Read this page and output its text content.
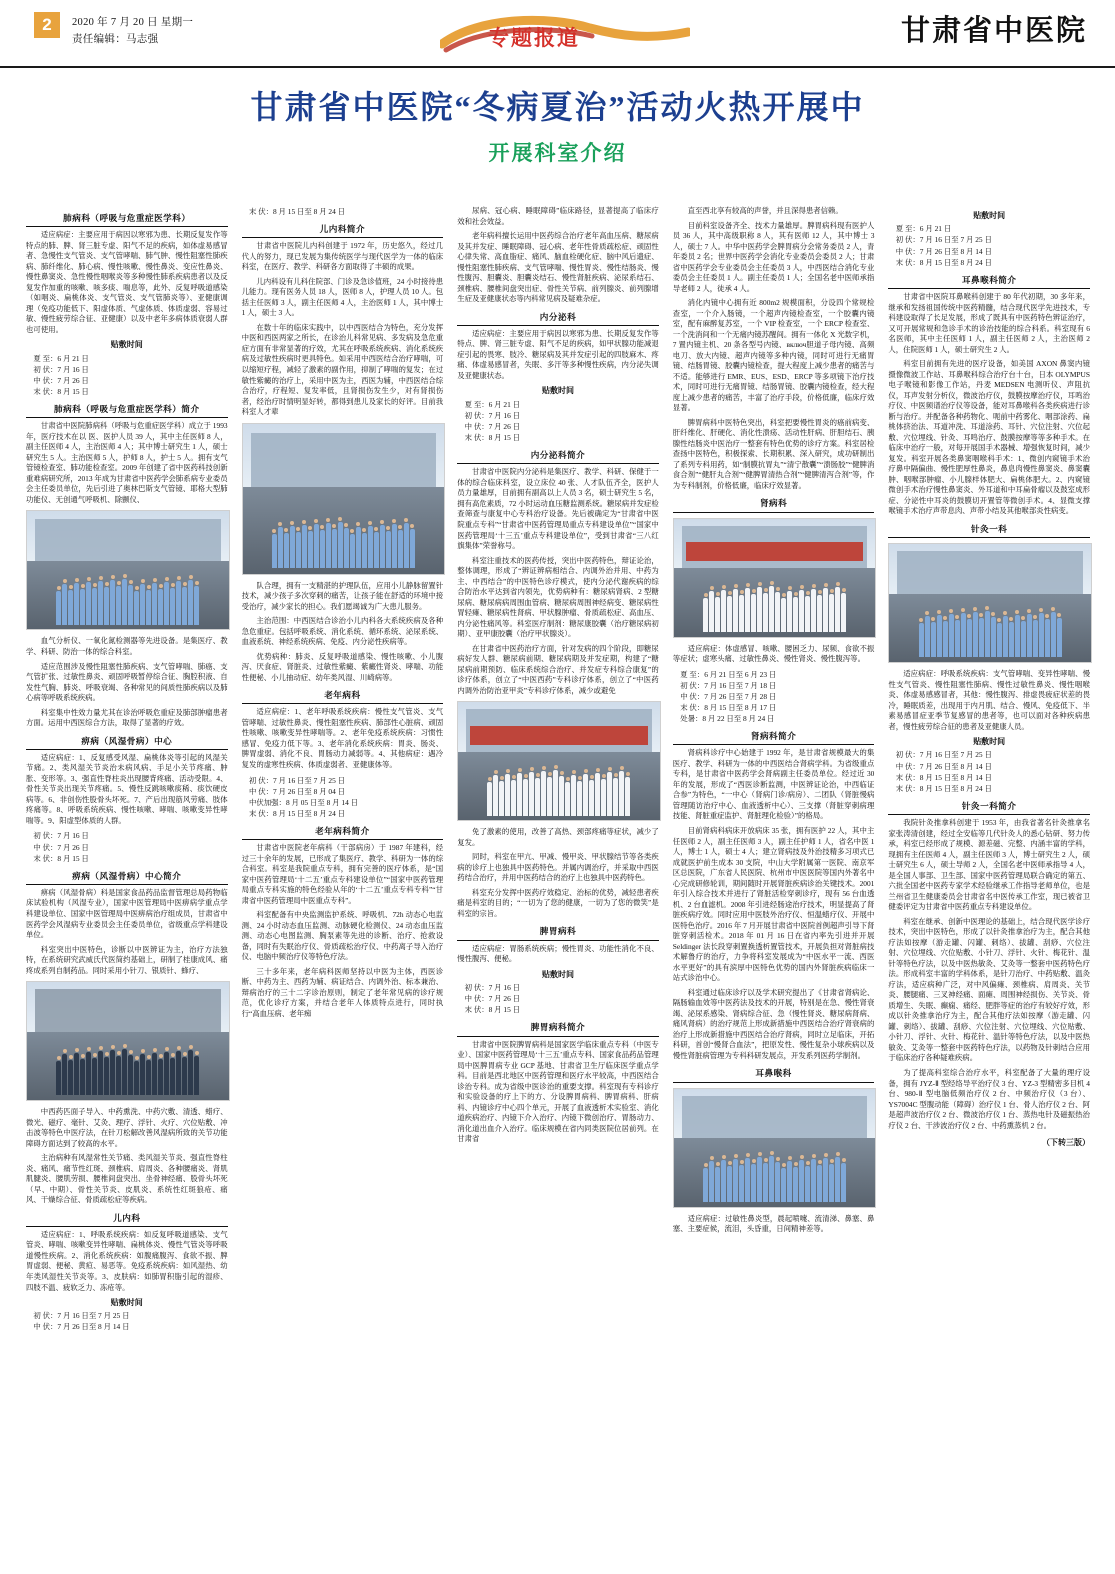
2	2020 年 7 月 20 日 星期一
责任编辑：马志强	专题报道	甘肃省中医院
甘肃省中医院“冬病夏治”活动火热开展中
开展科室介绍
肺病科（呼吸与危重症医学科）

适应病症：主要应用于病因以寒邪为患、长期反复发作等特点的肺、脾、肾三脏专虚、阳气不足的疾病，如体虚易感冒者、急慢性支气管炎、支气管哮喘、肺气肿、慢性阻塞性肺疾病、肺纤维化、肺心病、慢性咳嗽、慢性鼻炎、变应性鼻炎、慢性鼻窦炎、急性慢性咽喉炎等多种慢性肺系疾病患者以及反复发作加重的咳嗽、咳多痰、喘息等，此外、反复呼吸道感染（如咽炎、扁桃体炎、支气管炎、支气管肺炎等）、亚健康调理（免疫功能低下、阳虚体质、气虚体质、体质虚弱、容易过敏、慢性疲劳综合征、亚健康）以及中老年多病体质衰弱人群也可使用。

贴敷时间
夏 至：6 月 21 日
初 伏：7 月 16 日
中 伏：7 月 26 日
末 伏：8 月 15 日
肺病科（呼吸与危重症医学科）简介

甘肃省中医院肺病科（呼吸与危重症医学科）成立于 1993 年，医疗技术在以 医、医护人员 39 人，其中主任医师 8 人，副主任医师 4 人，主治医师 4 人；其中博士研究生 1 人，硕士研究生 5 人。主治医师 5 人，护师 8 人，护士 5 人。拥有支气管镜检查室、肺功能检查室。2009 年创建了省中医药科技创新重难病研究所，2013 年成为甘肃省中医药学会肺系病专业委员会主任委员单位，先后引进了奥林巴斯支气管镜、耶格大型肺功能仪、无创通气呼吸机、除颤仪、

血气分析仪、一氧化氮检测器等先进设备。是集医疗、教学、科研、防治一体的综合科室。

适应范围涉及慢性阻塞性肺疾病、支气管哮喘、肺癌、支气管扩张、过敏性鼻炎、顽固呼吸暂停综合征、胸腔积液、自发性气胸、肺炎、呼吸衰竭、各种常见的间质性肺疾病以及肺心病等呼吸系统疾病。

科室集中性效力量尤其在诊治呼吸危重症及肺部肿瘤患者方面。运用中西医综合方法，取得了显著的疗效。

痹病（风湿骨病）中心

适应病症：1、反复感受风湿、扁桃体炎等引起的风湿关节痛。2、类风湿关节炎治未病风病、手足小关节疼痛、肿胀、变形等。3、强直性脊柱炎出现腰背疼痛、活动受限。4、骨性关节炎出现关节疼痛。5、慢性反跳咳嗽痰稀、痰饮硬皮病等。6、非创伤性股骨头坏死。7、产后出现筋风劳痛、肢体疼痛等。8、呼吸系统疾病、慢性咳嗽、哮喘、咳嗽变异性哮喘等。9、阳虚型体质的人群。

初 伏：7 月 16 日
中 伏：7 月 26 日
末 伏：8 月 15 日
痹病（风湿骨病）中心简介

痹病（风湿骨病）科是国家食品药品监督管理总局药物临床试验机构（风湿专业），国家中医管理局中医痹病学重点学科建设单位、国家中医管理局中医痹病治疗组成员，甘肃省中医药学会风湿病专业委员会主任委员单位，省级重点学科建设单位。

科室突出中医特色，诊断以中医辨证为主，治疗方法独特，在系统研究武威氏代医简约基础上，研制了桂康成风、痛疼成系列自制药品。同时采用小针刀、银质针、蜂疗、

中西药匹面子导入、中药熏洗、中药穴敷、清透、蜡疗、微光、磁疗、毫针、艾灸、理疗、浮针、火疗、穴位贴敷、冲击波等特色中医疗法，在针刀松解改善风湿病所致的关节功能障碍方面达到了较高的水平。

主治病种有风湿常性关节痛、类风湿关节炎、强直性脊柱炎、痛风、痛节性红斑、颈椎病、肩周炎、各种腰痛炎、肾肌肌腱炎、腰肌劳损、腰椎间盘突出、坐骨神经痛、股骨头坏死（早、中期）、骨性关节炎、皮肌炎、系统性红斑狼疮、痛风、干燥综合征、骨质疏松症等疾病。

儿内科

适应病症：1、呼吸系统疾病：如反复呼吸道感染、支气管炎、哮喘、咳嗽变异性哮喘、扁桃体炎、慢性气管炎等呼吸道慢性疾病。2、消化系统疾病：如腹痛腹泻、食欲不振、脾胃虚弱、便秘、黄疸、易恶等。免疫系统疾病：如风湿热、幼年类风湿性关节炎等。3、皮肤病：如肺胃积脂引起的湿疹、四肢不温、疲软乏力、冻疮等。

贴敷时间
初 伏：7 月 16 日至 7 月 25 日
中 伏：7 月 26 日至 8 月 14 日
末 伏：8 月 15 日至 8 月 24 日
儿内科简介

甘肃省中医院儿内科创建于 1972 年，历史悠久，经过几代人的努力，现已发展为集传统医学与现代医学为一体的临床科室，在医疗、教学、科研各方面取得了丰硕的成果。

儿内科设有儿科住院部、门诊及急诊值班，24 小时接待患儿能力。现有医务人员 18 人，医师 8 人，护理人员 10 人。包括主任医师 3 人，副主任医师 4 人，主治医师 1 人，其中博士 1 人，硕士 3 人。

在数十年的临床实践中，以中西医结合为特色，充分发挥中医和西医两家之所长，在诊治儿科常见病、多发病及急危重症方面有非常显著的疗效，尤其在呼吸系统疾病、消化系统疾病及过敏性疾病时更具特色。如采用中西医结合治疗哮喘，可以缩短疗程，减轻了激素的副作用，抑制了哮喘的复发；在过敏性紫癜的治疗上，采用中医为主，西医为辅，中西医结合综合治疗，疗程短、复发率低，且肾损伤发生少，对有肾损伤者，经治疗时情明显好转，都得到患儿及家长的好评。目前我科室人才辈

队合理，拥有一支精湛的护理队伍，应用小儿静脉留置针技术，减少孩子多次穿刺的痛苦，让孩子能在舒适的环境中接受治疗，减少家长的担心。我们愿竭诚为广大患儿服务。

主治范围：中西医结合诊治小儿内科各大系统疾病及各种急危重症。包括呼吸系统、消化系统、循环系统、泌尿系统、血液系统、神经系统疾病、免疫、内分泌性疾病等。

优势病种：肺炎、反复呼吸道感染、慢性咳嗽、小儿腹泻、厌食症、肾脏炎、过敏性紫癜、紫癜性肾炎、哮喘、功能性便秘、小儿抽动症、幼年类风湿、川崎病等。

老年病科

适应病症：1、老年呼吸系统疾病：慢性支气管炎、支气管哮喘、过敏性鼻炎、慢性阻塞性疾病、肺部性心脏病、顽固性咳嗽、咳嗽变异性哮喘等。2、老年免疫系统疾病：习惯性感冒、免疫力低下等。3、老年消化系统疾病：胃炎、肠炎、脾胃虚弱、消化不良、胃肠动力减弱等。4、其他病症：遇冷复发的虚寒性疾病、体质虚弱者、亚健康体等。

初 伏：7 月 16 日至 7 月 25 日
中 伏：7 月 26 日至 8 月 04 日
中伏加强：8 月 05 日至 8 月 14 日
末 伏：8 月 15 日至 8 月 24 日
老年病科简介

甘肃省中医院老年病科（干部病房）于 1987 年建科，经过三十余年的发展，已形成了集医疗、教学、科研为一体的综合科室。科室是我院重点专科，拥有完善的医疗体系，是“国家中医药管理局‘十二五’重点专科建设单位”“国家中医药管理局重点专科实施的特色经验从年的‘十二五’重点专科专科”“甘肃省中医药管理局中医重点专科”。

科室配备有中央监测监护系统、呼吸机、72h 动态心电监测、24 小时动态血压监测、动脉硬化检测仪、24 动态血压监测、动态心电图监测、胸泵素等先进的诊断、治疗、抢救设备，同时有失眠治疗仪、骨质疏松治疗仪、中药离子导入治疗仪、电脑中频治疗仪等特色疗法。

三十多年来，老年病科医师坚持以中医为主体，西医诊断、中药为主、西药为辅、病证结合、内调外治、标本兼治、辩病治疗的三十二字诊治原则，制定了老年常见病的诊疗规范，优化诊疗方案，并结合老年人体质特点进行，同时执行“高血压病、老年痴

尿病、冠心病、睡眠障碍”临床路径，显著提高了临床疗效和社会效益。

老年病科擅长运用中医药综合治疗老年高血压病、糖尿病及其并发症、睡眠障碍、冠心病、老年性骨质疏松症、顽固性心律失常、高血脂症、痛风、脑血栓硬化症、脑中风后遗症、慢性阻塞性肺疾病、支气管哮喘、慢性胃炎、慢性结肠炎、慢性腹泻、胆囊炎、胆囊炎结石、慢性肾脏疾病、泌尿系结石、颈椎病、腰椎间盘突出症、骨性关节病、前列腺炎、前列腺增生症及亚健康状态等内科常见病及疑难杂症。

内分泌科

适应病症：主要应用于病因以寒邪为患、长期反复发作等特点、脾、肾三脏专虚、阳气不足的疾病，如甲状腺功能减退症引起的畏寒、肢冷、糖尿病及其并发症引起的四肢麻木、疼痛、体虚易感冒者，失眠、多汗等多种慢性疾病，内分泌失调及亚健康状态。

贴敷时间
夏 至：6 月 21 日
初 伏：7 月 16 日
中 伏：7 月 26 日
末 伏：8 月 15 日
内分泌科简介

甘肃省中医院内分泌科是集医疗、教学、科研、保健于一体的综合临床科室，设立床位 40 张、人才队伍齐全，医护人员力量雄厚，目前拥有副高以上人员 3 名，硕士研究生 5 名，拥有高危素质，72 小时运动血压糖监测系统。糖尿病并发症检查筛查与康复中心专科治疗设备。先后被确定为“甘肃省中医院重点专科”“甘肃省中医药管理局重点专科建设单位”“国家中医药管理局‘十三五’重点专科建设单位”，受到甘肃省“三八红旗集体”荣誉称号。

科室注重技术的医药传授，突出中医药特色，辩证论治，整体调理，形成了“辨证辨病相结合、内调外治并用、中药为主、中西结合”的中医特色诊疗模式，使内分泌代谢疾病的综合防治水平达到省内领先，优势病种有：糖尿病肾病、2 型糖尿病、糖尿病病周围血管病、糖尿病周围神经病变、糖尿病性胃轻瘫、糖尿病性肾病、甲状腺肿瘤、骨质疏松症、高血压、内分泌性痛风等。科室医疗制剂：糖尿康胶囊（治疗糖尿病初期）、亚甲康胶囊（治疗甲状腺炎）。

在甘肃省中医药治疗方面，针对发病的四个阶段，即糖尿病好发人群、糖尿病前期、糖尿病期及并发症期，构建了“糖尿病前期预防、临床系统综合治疗、并发症专科综合康复”的诊疗体系，创立了“中医西药”专科诊疗体系，创立了“中医药内调外治防治亚甲炎”专科诊疗体系，减少或避免

免了激素的使用，改善了高热、颈部疼痛等症状，减少了复发。

同时，科室在甲亢、甲减、慢甲炎、甲状腺结节等各类疾病的诊疗上也独具中医药特色。并属内调治疗，并采取中西医药结合治疗，并用中医药结合的治疗上也独具中医药特色。

科室充分发挥中医药疗效稳定、治标的优势，减轻患者疾痛是科室的目的；“一切为了您的健康，一切为了您的微笑”是科室的宗旨。

脾胃病科

适应病症：胃肠系统疾病；慢性胃炎、功能性消化不良、慢性腹泻、便秘。

贴敷时间
初 伏：7 月 16 日
中 伏：7 月 26 日
末 伏：8 月 15 日
脾胃病科简介

甘肃省中医院脾胃病科是国家医学临床重点专科（中医专业）、国家中医药管理局‘十三五’重点专科、国家食品药品管理局中医脾胃病专业 GCP 基地、甘肃省卫生厅临床医学重点学科。目前是西北地区中医药管理和医疗水平较高，中西医结合诊治专科。成为省级中医诊治的重要支撑。科室现有专科诊疗和实验设备的疗上下的方、分设脾胃病科、脾胃病科、肝病科、内镜诊疗中心四个单元，开展了血液透析术实验室、消化道疾病治疗、内镜下介入治疗、内镜下微创治疗、胃肠动力、消化道出血介入治疗。临床规模在省内同类医院位居前列。在甘肃省

直至西北享有较高的声誉，并且深得患者信赖。

目前科室设备齐全、技术力量雄厚。脾胃病科现有医护人员 36 人，其中高级职称 8 人，其有医师 12 人，其中博士 3 人，硕士 7 人。中华中医药学会脾胃病分会常务委员 2 人，青年委员 2 名；世界中医药学会消化专业委员会委员 2 人；甘肃省中医药学会专业委员会主任委员 3 人，中西医结合消化专业委员会主任委员 1 人。副主任委员 1 人；全国名老中医师承指导老师 2 人，徒承 4 人。

消化内镜中心拥有近 800m2 规模面积，分设四个常规检查室，一个介入肠镜，一个超声内镜检查室，一个胶囊内镜室，配有麻醉复苏室，一个 VIP 检查室，一个 ERCP 检查室、一个洗消间和一个无痛内镜苏醒间。拥有一体化 X 光数字机，7 置内镜主机、20 条各型号内镜、включ胆道子母内镜、高频电刀、放大内镜、超声内镜等多种内镜，同时可进行无痛胃镜、结肠胃镜、胶囊内镜检查，提大程度上减少患者的痛苦与不适。能够进行 EMR、EUS、ESD、ERCP 等多项镜下治疗技术，同时可进行无痛胃镜、结肠胃镜、胶囊内镜检查，经大程度上减少患者的痛苦，丰富了治疗手段，价格低廉，临床疗效显著。

脾胃病科中医特色突出，科室把要慢性胃炎的癌前病变、肝纤维化、肝硬化、消化性溃疡、活动性肝病、肝胆结石、胰腺性结肠炎中医治疗一整套有特色优势的诊疗方案。科室居检查扬中医特色，积极探索、长期积累、深入研究，成功研制出了系列专科用药，如“制膜抗胃丸”“清宁散囊”“溃肠胶”“健脾消食合剂”“健肝丸合剂”“健脾胃清热合剂”“健脾清泻合剂”等，作为专科制剂，价格低廉，临床疗效显著。

肾病科

适应病症：体虚感冒、咳嗽、腰困乏力、尿频、食欲不振等症状；虚寒头痛、过敏性鼻炎、慢性肾炎、慢性腹泻等。

夏 至：6 月 21 日至 6 月 23 日
初 伏：7 月 16 日至 7 月 18 日
中 伏：7 月 26 日至 7 月 28 日
末 伏：8 月 15 日至 8 月 17 日
处暑：8 月 22 日至 8 月 24 日
肾病科简介

肾病科诊疗中心始建于 1992 年，是甘肃省规模最大的集医疗、教学、科研为一体的中西医结合肾病学科。为省级重点专科，是甘肃省中医药学会肾病副主任委员单位。经过近 30 年的发展，形成了“西医诊断监测，中医辨证论治，中西临证合参”为特色，“一中心（肾病门诊/病房）、二团队（肾脏慢病管理随访治疗中心、血液透析中心）、三支撑（肾脏穿刺病理技能、肾脏重症监护、肾脏理化检验）”的格局。

目前肾病科病床开放病床 35 张，拥有医护 22 人，其中主任医师 2 人，副主任医师 3 人，副主任护师 1 人，省名中医 1 人，博士 1 人，硕士 4 人；建立肾病技及外治技精多习项式已成就医护前生成本 30 支院，中山大学附属第一医院、南京军区总医院，广东省人民医院、杭州市中医医院等国内外著名中心完成研修轮训，期间随时开展肾脏疾病诊治关键技术。2001 年引入综合技术并进行了肾脏活检穿刺诊疗，现有 56 台血透机、2 台血滤机。2008 年引进经肠途治疗技术，明显提高了肾脏疾病疗效。同时应用中医肢外治疗仪、恒温蜡疗仪、开展中医特色治疗。2016 年 7 月开展甘肃省中医院首例超声引导下肾脏穿刺活检术。2018 年 01 月 16 日在省内率先引进并开展 Seldinger 法长段穿刺置换透析置管技术，开展负担对肾脏病技术解鲁疗的治疗，力争将科室发展成为“中医水平一流、西医水平更好”的具有滨厚中医特色优势的国内外肾脏疾病临床一站式诊治中心。

科室通过临床诊疗以及学术研究提出了《甘肃省肾病论、隔肠输血效等中医药法及技术的开展，特别是在急、慢性肾衰竭、泌尿系感染、肾病综合征、急（慢性肾炎、糖尿病肾病、痛风肾病）的治疗规范上形成新措施中西医结合治疗肾衰病的治疗上形成新措施中西医结合治疗肾病，同时立足临床，开拓科研，首创“慢肾合血法”，把原发性、慢性复杂小球疾病以及慢性肾脏病管理为专科科研发展点，开发系列医药学制剂。

耳鼻喉科

适应病症：过敏性鼻炎型，晨起喷嚏、流清涕、鼻塞、鼻塞、主要症候，流泪，头昏重，日间精神差等。

贴敷时间
夏 至：6 月 21 日
初 伏：7 月 16 日至 7 月 25 日
中 伏：7 月 26 日至 8 月 14 日
末 伏：8 月 15 日至 8 月 24 日
耳鼻喉科简介

甘肃省中医院耳鼻喉科创建于 80 年代初期，30 多年来，继承和发扬祖国传统中医药精髓，结合现代医学先进技术，专科建设取得了长足发展，形成了既具有中医药特色辨证治疗，又可开展常规和急诊手术的诊治技能的综合科系。科室现有 6 名医师，其中主任医师 1 人，副主任医师 2 人，主治医师 2 人，住院医师 1 人，硕士研究生 2 人。

科室目前拥有先进的医疗设备，如美国 AXON 鼻窦内镜摄像微波工作站、耳鼻喉科综合治疗台十台，日本 OLYMPUS 电子喉镜和影像工作站，丹麦 MEDSEN 电测听仪、声阻抗仪，耳声发射分析仪，微波治疗仪，鼓膜按摩治疗仪，耳鸣治疗仪、中医频谱治疗仪等设备，能对耳鼻喉科各类疾病进行诊断与治疗。并配备各种药物化、呃前中药雾化、咽部涂药、扁桃体挤治法、耳道冲洗、耳道涂药、耳针、穴位注射、穴位起敷、穴位埋线、针灸、耳鸣治疗、鼓膜按摩等等多种手术。在临床中治疗一般，对每开展国手术器械、增强恢复时间，减少复发。科室开展各类鼻窦咽喉科手术：1、微创内窥镜手术治疗鼻中隔偏曲、慢性肥厚性鼻炎，鼻息肉慢性鼻窦炎、鼻窦囊肿、咽喉部肿瘤、小儿腺样体肥大、扁桃体肥大。2、内窥镜微创手术治疗慢性鼻窦炎、外耳道和中耳扁骨瘤以及鼓室成形症、分泌性中耳炎的鼓膜切开置管等微创手术。4、显微支撑喉镜手术治疗声带息肉、声带小结及其他喉部炎性病变。

针灸一科

适应病症：呼吸系统疾病：支气管哮喘、变异性哮喘、慢性支气管炎、慢性阻塞性肺病、慢性过敏性鼻炎、慢性咽喉炎、体虚易感感冒者，其他：慢性腹泻、排虚畏疲症状差的畏冷，睡眠质差，出现用于内月肌、结合、慢风、免疫低下、半素易感冒症亚季节复感冒的患者等，也可以面对各种疾病患者，慢性疲劳综合征的患者及亚健康人员。

贴敷时间
初 伏：7 月 16 日至 7 月 25 日
中 伏：7 月 26 日至 8 月 14 日
末 伏：8 月 15 日至 8 月 14 日
末 伏：8 月 15 日至 8 月 24 日
针灸一科简介

我院针灸推拿科创建于 1953 年，由我省著名针灸推拿名家张涛清创建，经过全安临等几代针灸人的悉心钻研、努力传承，科室已经形成了规模、源差磁、完整、内涵丰富的学科，现拥有主任医师 4 人，副主任医师 3 人，博士研究生 2 人，硕士研究生 6 人，硕士导师 2 人，全国名老中医师承指导 4 人，是全国人事部、卫生部、国家中医药管理局联合确定的第五、六批全国老中医药专家学术经验继承工作指导老师单位，也是兰州省卫生健康委员会甘肃省名中医传承工作室，现已被省卫健委评定为甘肃省中医药重点专科建设单位。

科室在继承、创新中医理论的基础上，结合现代医学诊疗技术，突出中医特色，形成了以针灸推拿治疗为主，配合其他疗法如按摩（游走罐、闪罐、刺络）、拔罐、刮痧、穴位注射、穴位埋线、穴位贴敷、小针刀、浮针、火针、梅花针、温针等特色疗法，以及中医热敏灸、艾灸等一整套中医药特色疗法。形成科室丰富的学科体系，是针刀治疗、中药贴敷、温灸疗法，适应病种广泛，对中风偏瘫、颈椎病、肩周炎、关节炎、腰腿痛、三叉神经痛、面瘫、周围神经损伤、关节炎、骨质增生、失眠、癫痫、痛经、肥胖等症的治疗有较好疗效，形成以针灸推拿治疗为主，配合其他疗法如按摩（游走罐、闪罐、刺络）、拔罐、刮痧、穴位注射、穴位埋线、穴位贴敷、小针刀、浮针、火针、梅花针、温针等特色疗法，以及中医热敏灸、艾灸等一整套中医药特色疗法，以药物及针刺结合应用于临床治疗各种疑难疾病。

为了提高科室综合治疗水平，科室配备了大量的理疗设备，拥有 JYZ-Ⅱ 型经络导平治疗仪 3 台、YZ-3 型精密多目机 4 台、980-Ⅱ 型电脑低频治疗仪 2 台、中频治疗仪（3 台）、YS7004C 型腹动能（障碍）治疗仪 1 台、骨人治疗仪 2 台、阿是超声波治疗仪 2 台、微波治疗仪 1 台、蒸热电针及磁振热治疗仪 2 台、干涉波治疗仪 2 台、中药熏蒸机 2 台。

（下转三版）
